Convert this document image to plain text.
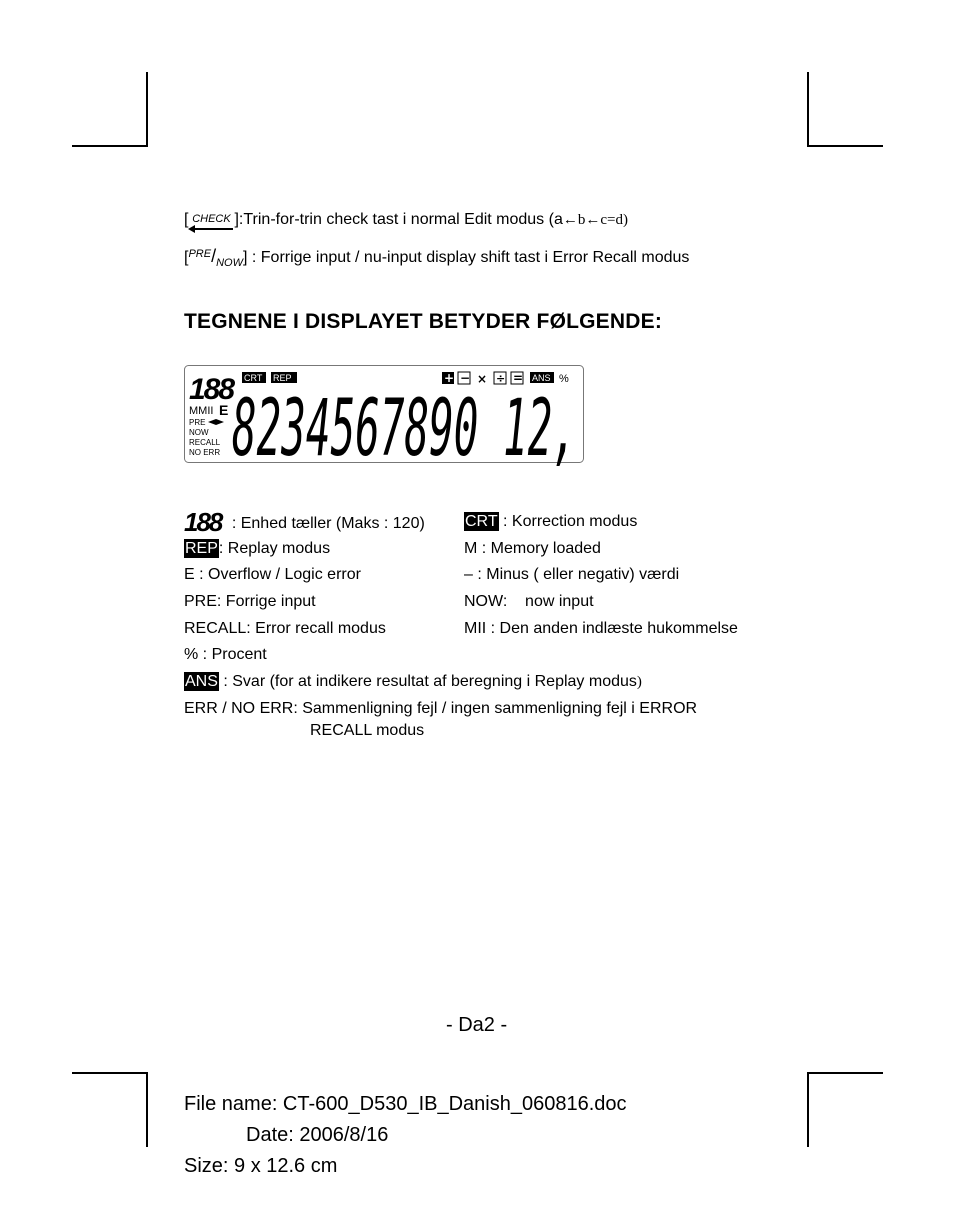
[ CHECK ]:Trin-for-trin check tast i normal Edit modus (a←b←c=d)
$[^{PRE}/_{NOW}]$ : Forrige input / nu-input display shift tast i Error Recall modus
TEGNENE I DISPLAYET BETYDER FØLGENDE:
188 CRT REP	+ − × ÷ = ANS %
MMII E
PRE
NOW
RECALL
NO ERR 8234567890 12,
188 : Enhed tæller (Maks : 120)	CRT : Korrection modus
REP: Replay modus	M : Memory loaded
E : Overflow / Logic error	– : Minus ( eller negativ) værdi
PRE: Forrige input	NOW:    now input
RECALL: Error recall modus	MII : Den anden indlæste hukommelse
% : Procent
ANS : Svar (for at indikere resultat af beregning i Replay modus)
ERR / NO ERR: Sammenligning fejl / ingen sammenligning fejl i ERROR
RECALL modus
- Da2 -
File name: CT-600_D530_IB_Danish_060816.doc
Date: 2006/8/16
Size: 9 x 12.6 cm
